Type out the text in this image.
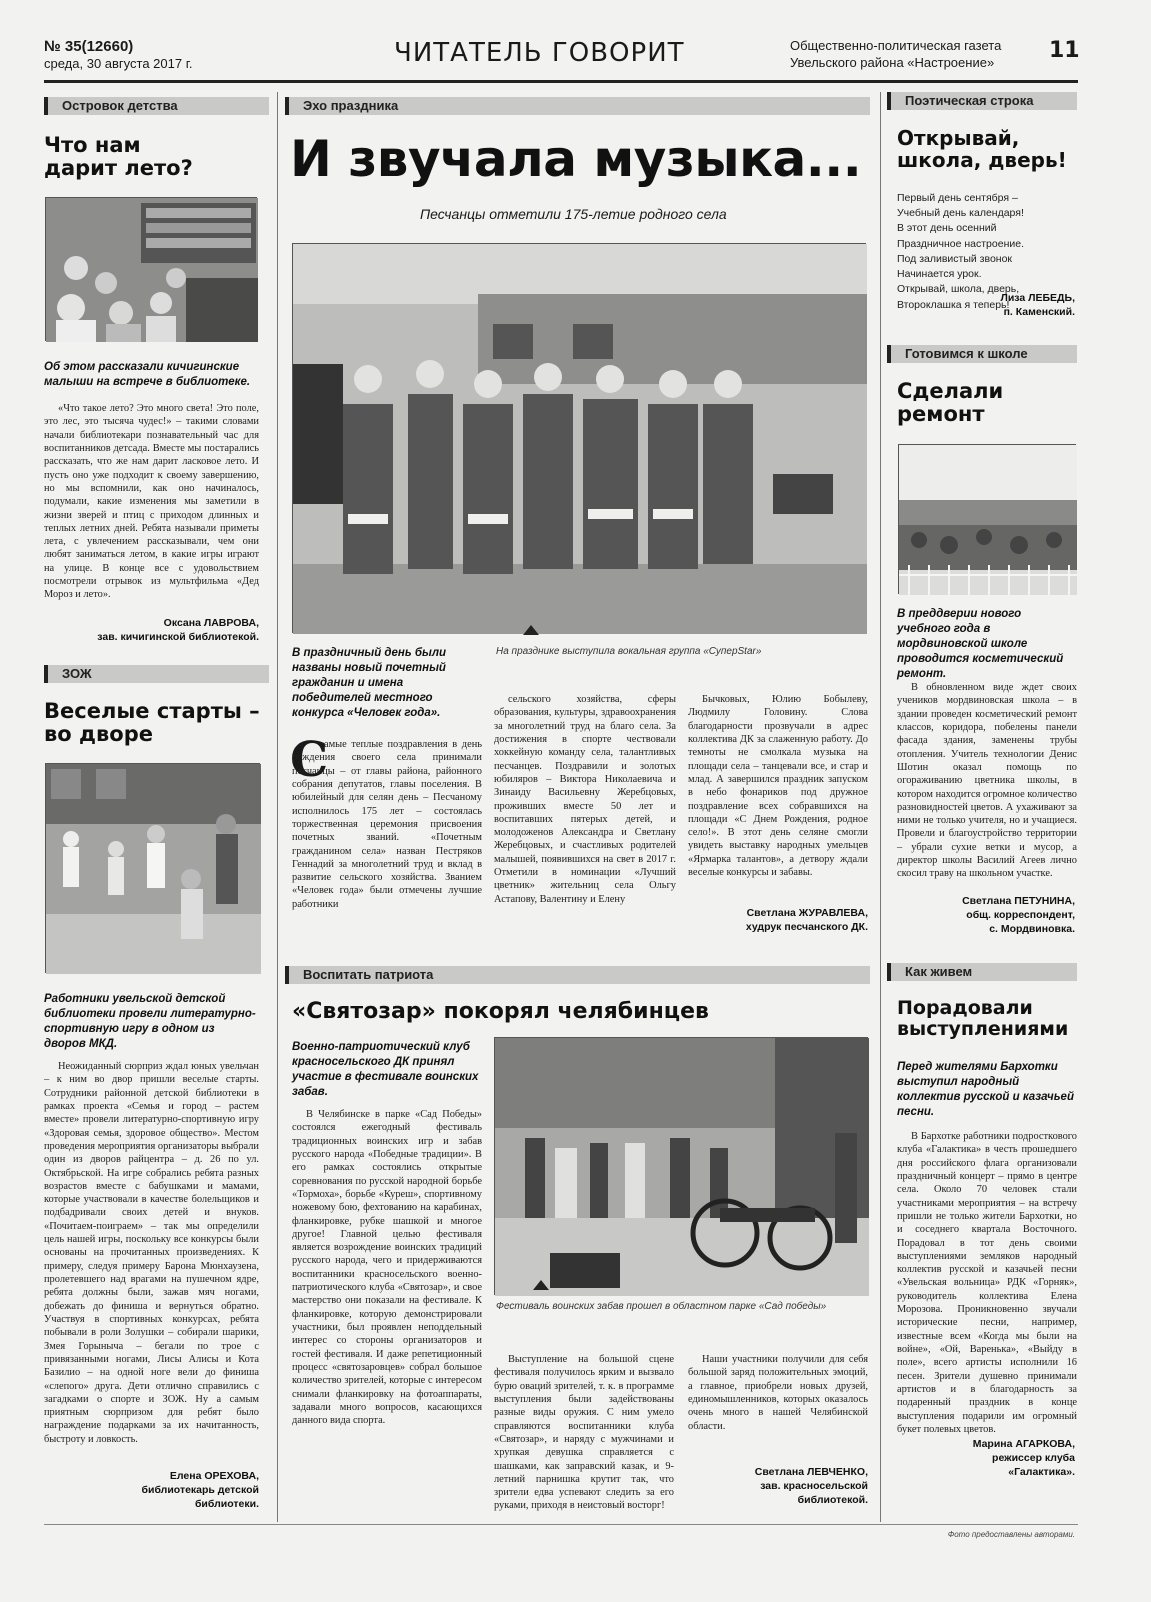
№ 35(12660)
среда, 30 августа 2017 г.	ЧИТАТЕЛЬ ГОВОРИТ	Общественно-политическая газета
Увельского района «Настроение» 11
Островок детства
Что нам дарит лето?
Об этом рассказали кичигинские малыши на встрече в библиотеке.
«Что такое лето? Это много света! Это поле, это лес, это тысяча чудес!» – такими словами начали библиотекари познавательный час для воспитанников детсада. Вместе мы постарались рассказать, что же нам дарит ласковое лето. И пусть оно уже подходит к своему завершению, но мы вспомнили, как оно начиналось, подумали, какие изменения мы заметили в жизни зверей и птиц с приходом длинных и теплых летних дней. Ребята называли приметы лета, с увлечением рассказывали, чем они любят заниматься летом, в какие игры играют на улице. В конце все с удовольствием посмотрели отрывок из мультфильма «Дед Мороз и лето».
Оксана ЛАВРОВА,
зав. кичигинской библиотекой.
ЗОЖ
Веселые старты – во дворе
Работники увельской детской библиотеки провели литературно-спортивную игру в одном из дворов МКД.
Неожиданный сюрприз ждал юных увельчан – к ним во двор пришли веселые старты. Сотрудники районной детской библиотеки в рамках проекта «Семья и город – растем вместе» провели литературно-спортивную игру «Здоровая семья, здоровое общество». Местом проведения мероприятия организаторы выбрали один из дворов райцентра – д. 26 по ул. Октябрьской. На игре собрались ребята разных возрастов вместе с бабушками и мамами, которые участвовали в качестве болельщиков и подбадривали своих детей и внуков. «Почитаем-поиграем» – так мы определили цель нашей игры, поскольку все конкурсы были основаны на прочитанных произведениях. К примеру, следуя примеру Барона Мюнхаузена, пролетевшего над врагами на пушечном ядре, ребята должны были, зажав мяч ногами, добежать до финиша и вернуться обратно. Участвуя в спортивных конкурсах, ребята побывали в роли Золушки – собирали шарики, Змея Горыныча – бегали по трое с привязанными ногами, Лисы Алисы и Кота Базилио – на одной ноге вели до финиша «слепого» друга. Дети отлично справились с загадками о спорте и ЗОЖ. Ну а самым приятным сюрпризом для ребят было награждение подарками за их начитанность, быстроту и ловкость.
Елена ОРЕХОВА,
библиотекарь детской
библиотеки.
Эхо праздника
И звучала музыка...
Песчанцы отметили 175-летие родного села
На празднике выступила вокальная группа «СуперStar»
В праздничный день были названы новый почетный гражданин и имена победителей местного конкурса «Человек года».
С
амые теплые поздравления в день рождения своего села принимали песчанцы – от главы района, районного собрания депутатов, главы поселения. В юбилейный для селян день – Песчаному исполнилось 175 лет – состоялась торжественная церемония присвоения почетных званий. «Почетным гражданином села» назван Пестряков Геннадий за многолетний труд и вклад в развитие сельского хозяйства. Званием «Человек года» были отмечены лучшие работники
сельского хозяйства, сферы образования, культуры, здравоохранения за многолетний труд на благо села. За достижения в спорте чествовали хоккейную команду села, талантливых песчанцев. Поздравили и золотых юбиляров – Виктора Николаевича и Зинаиду Васильевну Жеребцовых, проживших вместе 50 лет и воспитавших пятерых детей, и молодоженов Александра и Светлану Жеребцовых, и счастливых родителей малышей, появившихся на свет в 2017 г. Отметили в номинации «Лучший цветник» жительниц села Ольгу Астапову, Валентину и Елену
Бычковых, Юлию Бобылеву, Людмилу Головину. Слова благодарности прозвучали в адрес коллектива ДК за слаженную работу. До темноты не смолкала музыка на площади села – танцевали все, и стар и млад. А завершился праздник запуском в небо фонариков под дружное поздравление всех собравшихся на площади «С Днем Рождения, родное село!». В этот день селяне смогли увидеть выставку народных умельцев «Ярмарка талантов», а детвору ждали веселые конкурсы и забавы.
Светлана ЖУРАВЛЕВА,
худрук песчанского ДК.
Воспитать патриота
«Святозар» покорял челябинцев
Военно-патриотический клуб красносельского ДК принял участие в фестивале воинских забав.
В Челябинске в парке «Сад Победы» состоялся ежегодный фестиваль традиционных воинских игр и забав русского народа «Победные традиции». В его рамках состоялись открытые соревнования по русской народной борьбе «Тормоха», борьбе «Куреш», спортивному ножевому бою, фехтованию на карабинах, фланкировке, рубке шашкой и многое другое! Главной целью фестиваля является возрождение воинских традиций русского народа, чего и придерживаются воспитанники красносельского военно-патриотического клуба «Святозар», и свое мастерство они показали на фестивале. К фланкировке, которую демонстрировали участники, был проявлен неподдельный интерес со стороны организаторов и гостей фестиваля. И даже репетиционный процесс «святозаровцев» собрал большое количество зрителей, которые с интересом снимали фланкировку на фотоаппараты, задавали много вопросов, касающихся данного вида спорта.
Фестиваль воинских забав прошел в областном парке «Сад победы»
Выступление на большой сцене фестиваля получилось ярким и вызвало бурю оваций зрителей, т. к. в программе выступления были задействованы разные виды оружия. С ним умело справляются воспитанники клуба «Святозар», и наряду с мужчинами и хрупкая девушка справляется с шашками, как заправский казак, и 9-летний парнишка крутит так, что зрители едва успевают следить за его руками, приходя в неистовый восторг!
Наши участники получили для себя большой заряд положительных эмоций, а главное, приобрели новых друзей, единомышленников, которых оказалось очень много в нашей Челябинской области.
Светлана ЛЕВЧЕНКО,
зав. красносельской
библиотекой.
Поэтическая строка
Открывай, школа, дверь!
Первый день сентября –
Учебный день календаря!
В этот день осенний
Праздничное настроение.
Под заливистый звонок
Начинается урок.
Открывай, школа, дверь,
Второклашка я теперь!
Лиза ЛЕБЕДЬ,
п. Каменский.
Готовимся к школе
Сделали ремонт
В преддверии нового учебного года в мордвиновской школе проводится косметический ремонт.
В обновленном виде ждет своих учеников мордвиновская школа – в здании проведен косметический ремонт классов, коридора, побелены панели фасада здания, заменены трубы отопления. Учитель технологии Денис Шотин оказал помощь по огораживанию цветника школы, в котором находится огромное количество разновидностей цветов. А ухаживают за ними не только учителя, но и учащиеся. Провели и благоустройство территории – убрали сухие ветки и мусор, а директор школы Василий Агеев лично скосил траву на школьном участке.
Светлана ПЕТУНИНА,
общ. корреспондент,
с. Мордвиновка.
Как живем
Порадовали выступлениями
Перед жителями Бархотки выступил народный коллектив русской и казачьей песни.
В Бархотке работники подросткового клуба «Галактика» в честь прошедшего дня российского флага организовали праздничный концерт – прямо в центре села. Около 70 человек стали участниками мероприятия – на встречу пришли не только жители Бархотки, но и соседнего квартала Восточного. Порадовал в тот день своими выступлениями земляков народный коллектив русской и казачьей песни «Увельская вольница» РДК «Горняк», руководитель коллектива Елена Морозова. Проникновенно звучали исторические песни, например, известные всем «Когда мы были на войне», «Ой, Варенька», «Выйду в поле», всего артисты исполнили 16 песен. Зрители душевно принимали артистов и в благодарность за подаренный праздник в конце выступления подарили им огромный букет полевых цветов.
Марина АГАРКОВА,
режиссер клуба
«Галактика».
Фото предоставлены авторами.
